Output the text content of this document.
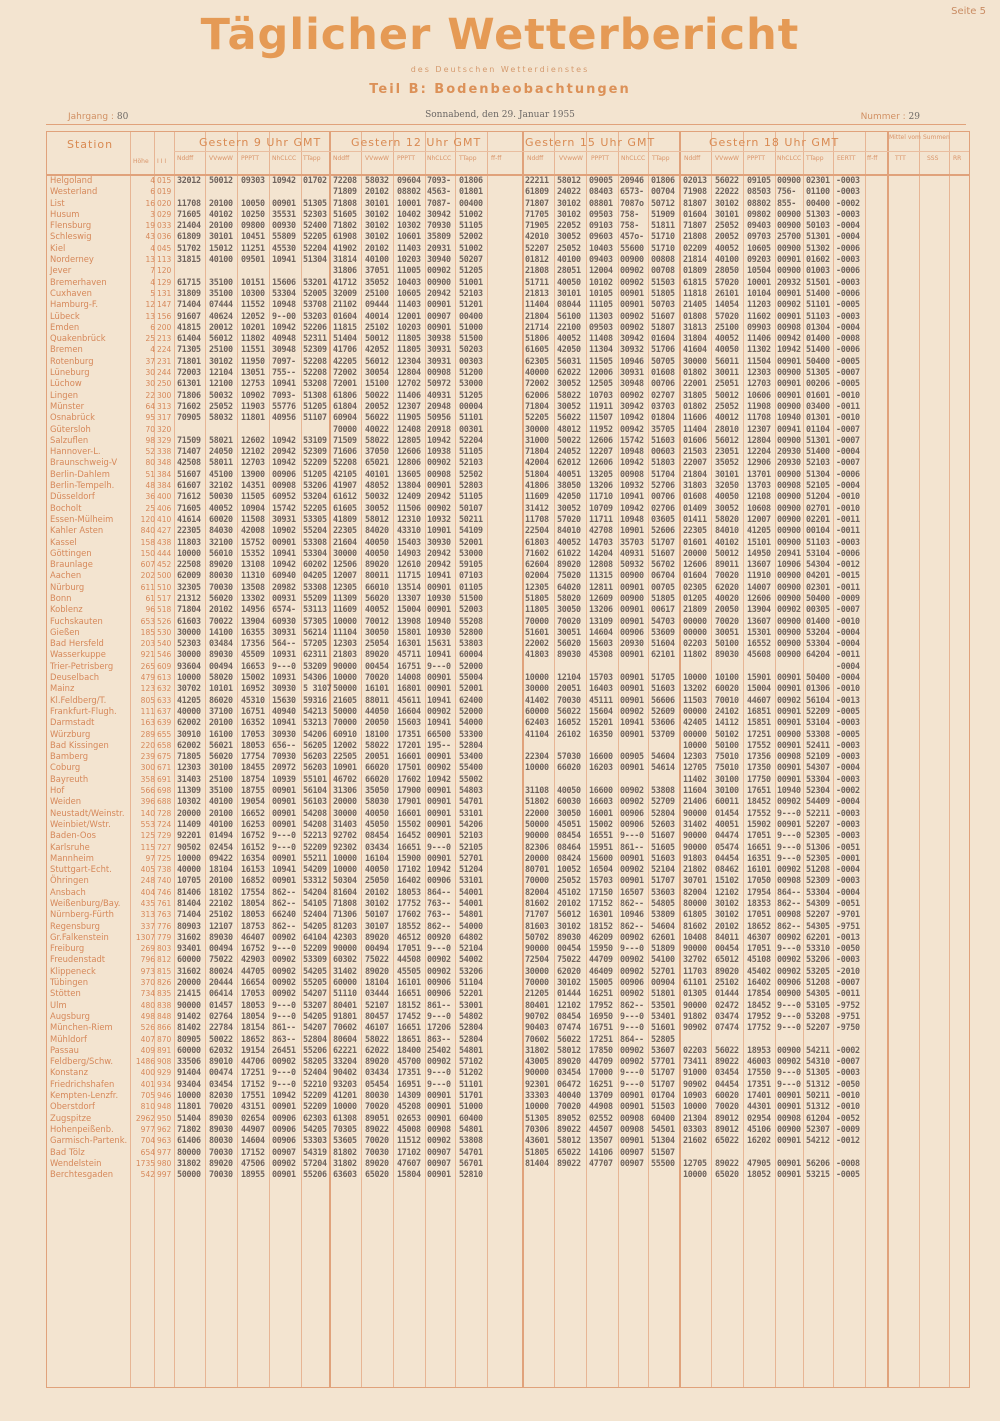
Seite 5
Täglicher Wetterbericht
des Deutschen Wetterdienstes
Teil B: Bodenbeobachtungen
Jahrgang : 80	Sonnabend, den 29. Januar 1955	Nummer : 29
Station	Gestern 9 Uhr GMT	Gestern 12 Uhr GMT	Gestern 15 Uhr GMT	Gestern 18 Uhr GMT	Mittel vom Summen
Höhe I I I Nddff	VVwwW PPPTT NhCLCC TTapp Nddff	VVwwW PPPTT NhCLCC TTapp ff-ff	Nddff	VVwwW PPPTT NhCLCC TTapp Nddff VVwwW PPPTT NhCLCC TTapp EERTT ff-ff	TTT	SSS RR
Helgoland	4 015 32012 50012 09303 10942 01702 72208 58032 09604 7093- 01806	22211 58012 09005 20946 01806 02013 56022 09105 00900 02301 -0003
Westerland	6 019	71809 20102 08802 4563- 01801	61809 24022 08403 6573- 00704 71908 22022 08503 756- 01100 -0003
List	16 020 11708 20100 10050 00901 51305 71808 30101 10001 7087- 00400	71807 30102 08801 7087o 50712 81807 30102 08802 855- 00400 -0002
Husum	3 029 71605 40102 10250 35531 52303 51605 30102 10402 30942 51002	71705 30102 09503 758- 51909 01604 30101 09802 00900 51303 -0003
Flensburg	19 033 21404 20100 09800 00930 52400 71802 30102 10302 70930 51105	71905 22052 09103 758- 51811 71807 25052 09403 00900 50103 -0004
Schleswig	43 036 61809 30101 10451 55809 52205 61908 30102 10601 35809 52002	42010 30052 09603 457o- 51710 21808 20052 09703 25700 51301 -0004
Kiel	4 045 51702 15012 11251 45530 52204 41902 20102 11403 20931 51002	52207 25052 10403 55600 51710 02209 40052 10605 00900 51302 -0006
Norderney	13 113 31815 40100 09501 10941 51304 31814 40100 10203 30940 50207	01812 40100 09403 00900 00808 21814 40100 09203 00901 01602 -0003
Jever	7 120	31806 37051 11005 00902 51205	21808 28051 12004 00902 00708 01809 28050 10504 00900 01003 -0006
Bremerhaven	4 129 61715 35100 10151 15606 53201 41712 35052 10403 00900 51001	51711 40050 10102 00902 51503 61815 57020 10001 20932 51501 -0003
Cuxhaven	5 131 31809 35100 10300 53304 52005 32009 25100 10605 20942 52103	21813 30101 10105 00901 51805 11818 26101 10104 00901 51400 -0006
Hamburg-F.	12 147 71404 07444 11552 10948 53708 21102 09444 11403 00901 51201	11404 08044 11105 00901 50703 21405 14054 11203 00902 51101 -0005
Lübeck	13 156 91607 40624 12052 9--00 53203 01604 40014 12001 00907 00400	21804 56100 11303 00902 51607 01808 57020 11602 00901 51103 -0003
Emden	6 200 41815 20012 10201 10942 52206 11815 25102 10203 00901 51000	21714 22100 09503 00902 51807 31813 25100 09903 00908 01304 -0004
Quakenbrück	25 213 61404 56012 11802 40948 52311 51404 50012 11805 30938 51500	51806 40052 11408 30942 01604 31804 40052 11406 00942 01400 -0008
Bremen	4 224 71305 25100 11551 30948 52309 41706 42052 11805 30931 50203	61605 42050 11304 30932 51706 41604 40050 11302 10942 51400 -0006
Rotenburg	37 231 71801 30102 11950 7097- 52208 42205 56012 12304 30931 00303	62305 56031 11505 10946 50705 30000 56011 11504 00901 50400 -0005
Lüneburg	30 244 72003 12104 13051 755-- 52208 72002 30054 12804 00908 51200	40000 62022 12006 30931 01608 01802 30011 12303 00900 51305 -0007
Lüchow	30 250 61301 12100 12753 10941 53208 72001 15100 12702 50972 53000	72002 30052 12505 30948 00706 22001 25051 12703 00901 00206 -0005
Lingen	22 300 71806 50032 10902 7093- 51308 61806 50022 11406 40931 51205	62006 58022 10703 00902 02707 31805 50012 10606 00901 01601 -0010
Münster	64 313 71602 25052 11903 55776 51205 61804 20052 12307 20948 00004	71804 30052 11911 30942 03703 01802 25052 11908 00900 03400 -0011
Osnabrück	95 317 70905 58032 11801 40956 51107 60904 56022 11905 50956 51101	52205 56022 11507 10942 01804 11606 40012 11708 10940 01301 -0010
Gütersloh	70 320	70000 40022 12408 20918 00301	30000 48012 11952 00942 35705 11404 28010 12307 00941 01104 -0007
Salzuflen	98 329 71509 58021 12602 10942 53109 71509 58022 12805 10942 52204	31000 50022 12606 15742 51603 01606 56012 12804 00900 51301 -0007
Hannover-L.	52 338 71407 24050 12102 20942 52309 71606 37050 12606 10938 51105	71804 24052 12207 10948 00603 21503 23051 12204 20930 51400 -0004
Braunschweig-V	80 348 42508 58011 12703 10942 52209 52208 65021 12806 00902 52103	42004 62012 12606 10942 51803 22007 35052 12906 20930 52103 -0007
Berlin-Dahlem	51 384 51607 45100 13900 00906 51205 42105 40101 13605 00908 52502	51804 40051 13205 00908 51704 21804 30101 13701 00900 51304 -0006
Berlin-Tempelh.	48 384 61607 32102 14351 00908 53206 41907 48052 13804 00901 52803	41806 38050 13206 10932 52706 31803 32050 13703 00908 52105 -0004
Düsseldorf	36 400 71612 50030 11505 60952 53204 61612 50032 12409 20942 51105	11609 42050 11710 10941 00706 01608 40050 12108 00900 51204 -0010
Bocholt	25 406 71605 40052 10904 15742 52205 61605 30052 11506 00902 50107	31412 30052 10709 10942 02706 01409 30052 10608 00900 02701 -0010
Essen-Mülheim	120 410 41614 60020 11508 30931 53305 41809 58012 12310 10932 50211	11708 57020 11711 10948 03605 01411 58020 12007 00900 02201 -0011
Kahler Asten	840 427 22305 84030 42008 10902 55204 22305 84020 43310 10901 54109	22504 84010 42708 10901 52606 22305 84010 41205 00900 00104 -0011
Kassel	158 438 11803 32100 15752 00901 53308 21604 40050 15403 30930 52001	61803 40052 14703 35703 51707 01601 40102 15101 00900 51103 -0003
Göttingen	150 444 10000 56010 15352 10941 53304 30000 40050 14903 20942 53000	71602 61022 14204 40931 51607 20000 50012 14950 20941 53104 -0006
Braunlage	607 452 22508 89020 13108 10942 60202 12506 89020 12610 20942 59105	62604 89020 12808 50932 56702 12606 89011 13607 10906 54304 -0012
Aachen	202 500 62009 80030 11310 60940 04205 12007 80011 11715 10941 07103	02004 75020 11315 00900 06704 01604 70020 11910 00900 04201 -0015
Nürburg	611 510 32305 70030 13508 20982 53308 12305 66010 13514 00901 01105	12305 64020 12811 00901 00705 02305 62020 14007 00900 02301 -0011
Bonn	61 517 21312 56020 13302 00931 55209 11309 56020 13307 10930 51500	51805 58020 12609 00900 51805 01205 40020 12606 00900 50400 -0009
Koblenz	96 518 71804 20102 14956 6574- 53113 11609 40052 15004 00901 52003	11805 30050 13206 00901 00617 21809 20050 13904 00902 00305 -0007
Fuchskauten	653 526 61603 70022 13904 60930 57305 10000 70012 13908 10940 55208	70000 70020 13109 00901 54703 00000 70020 13607 00900 01400 -0010
Gießen	185 530 30000 14100 16355 30931 56214 11104 30050 15801 10930 52800	51601 30051 14604 00906 53609 00000 30051 15301 00900 53204 -0004
Bad Hersfeld	203 540 52303 03484 17356 564-- 57205 12303 25054 16301 15631 53803	22002 56020 15603 20930 51604 02203 50100 16552 00900 53304 -0004
Wasserkuppe	921 546 30000 89030 45509 10931 62311 21803 89020 45711 10941 60004	41803 89030 45308 00901 62101 11802 89030 45608 00900 64204 -0011
Trier-Petrisberg	265 609 93604 00494 16653 9---0 53209 90000 00454 16751 9---0 52000	-0004
Deuselbach	479 613 10000 58020 15002 10931 54306 10000 70020 14008 00901 55004	10000 12104 15703 00901 51705 10000 10100 15901 00901 50400 -0004
Mainz	123 632 30702 10101 16952 30930 5 3107 50000 16101 16801 00901 52001	30000 20051 16403 00901 51603 13202 60020 15004 00901 01306 -0010
Kl.Feldberg/T.	805 633 41205 86020 45310 15630 59316 21605 88011 45611 10941 62400	41402 70030 45111 00901 56606 11503 70010 44607 00902 56104 -0013
Frankfurt-Flugh.	111 637 40000 37100 16751 40940 54213 50000 44050 16604 00902 52000	60000 56022 15604 00902 52609 00000 24102 16851 00901 52209 -0005
Darmstadt	163 639 62002 20100 16352 10941 53213 70000 20050 15603 10941 54000	62403 16052 15201 10941 53606 42405 14112 15851 00901 53104 -0003
Würzburg	289 655 30910 16100 17053 30930 54206 60910 18100 17351 66500 53300	41104 26102 16350 00901 53709 00000 50102 17251 00900 53308 -0005
Bad Kissingen	220 658 62002 56021 18053 656-- 56205 12002 58022 17201 195-- 52804	10000 50100 17552 00901 52411 -0003
Bamberg	239 675 71805 56020 17754 70930 56203 22505 20051 16601 00901 53400	22304 57030 16600 00905 54604 12303 75010 17356 00908 52109 -0003
Coburg	300 671 12303 30100 18455 20972 56203 10901 66020 17501 00902 55400	10000 66020 16203 00901 54614 12705 75010 17350 00901 54307 -0004
Bayreuth	358 691 31403 25100 18754 10939 55101 46702 66020 17602 10942 55002	11402 30100 17750 00901 53304 -0003
Hof	566 698 11309 35100 18755 00901 56104 31306 35050 17900 00901 54803	31108 40050 16600 00902 53808 11604 30100 17651 10940 52304 -0002
Weiden	396 688 10302 40100 19054 00901 56103 20000 58030 17901 00901 54701	51802 60030 16603 00902 52709 21406 60011 18452 00902 54409 -0004
Neustadt/Weinstr.	140 728 20000 20100 16652 00901 54208 30000 40050 16601 00901 53101	22000 30050 16001 00906 52804 90000 01454 17552 9---0 52211 -0003
Weinbiet/Wstr.	553 724 11409 40100 16253 00901 54208 31403 45050 15502 00901 54206	50000 45051 15002 00906 52603 31402 40051 15902 00901 52207 -0003
Baden-Oos	125 729 92201 01494 16752 9---0 52213 92702 08454 16452 00901 52103	90000 08454 16551 9---0 51607 90000 04474 17051 9---0 52305 -0003
Karlsruhe	115 727 90502 02454 16152 9---0 52209 92302 03434 16651 9---0 52105	82306 08464 15951 861-- 51605 90000 05474 16651 9---0 51306 -0051
Mannheim	97 725 10000 09422 16354 00901 55211 10000 16104 15900 00901 52701	20000 08424 15600 00901 51603 91803 04454 16351 9---0 52305 -0001
Stuttgart-Echt.	405 738 40000 18104 16153 10941 54209 10000 40050 17102 10942 51204	80701 10052 16504 00902 52104 21802 08462 16101 00902 51208 -0004
Öhringen	248 740 10705 20100 16852 00901 53312 50304 25050 16402 00906 53101	70000 25052 15703 00901 51707 30701 15102 17050 00908 52309 -0003
Ansbach	404 746 81406 18102 17554 862-- 54204 81604 20102 18053 864-- 54001	82004 45102 17150 16507 53603 82004 12102 17954 864-- 53304 -0004
Weißenburg/Bay.	435 761 81404 22102 18054 862-- 54105 71808 30102 17752 763-- 54001	81602 20102 17152 862-- 54805 80000 30102 18353 862-- 54309 -0051
Nürnberg-Fürth	313 763 71404 25102 18053 66240 52404 71306 50107 17602 763-- 54801	71707 56012 16301 10946 53809 61805 30102 17051 00908 52207 -9701
Regensburg	337 776 80903 12107 18753 862-- 54205 81203 30107 18552 862-- 54000	81603 30102 18152 862-- 54604 81602 20102 18652 862-- 54305 -9751
Gr.Falkenstein	1307 779 31602 89030 46407 00902 64104 42303 89020 46512 00920 64802	50702 89030 46209 00902 62601 10408 84011 46307 00902 62201 -0013
Freiburg	269 803 93401 00494 16752 9---0 52209 90000 00494 17051 9---0 52104	90000 00454 15950 9---0 51809 90000 00454 17051 9---0 53310 -0050
Freudenstadt	796 812 60000 75022 42903 00902 53309 60302 75022 44508 00902 54002	72504 75022 44709 00902 54100 32702 65012 45108 00902 53206 -0003
Klippeneck	973 815 31602 80024 44705 00902 54205 31402 89020 45505 00902 53206	30000 62020 46409 00902 52701 11703 89020 45402 00902 53205 -2010
Tübingen	370 826 20000 20444 16654 00902 55205 60000 18104 16101 00906 51104	70000 30102 15005 00906 00904 61101 25102 16402 00906 51208 -0007
Stötten	734 835 21415 06414 17053 00902 54207 51110 03444 16651 00906 52201	21205 01444 16251 00902 51801 01305 01444 17854 00900 54305 -0011
Ulm	480 838 90000 01457 18053 9---0 53207 80401 52107 18152 861-- 53001	80401 12102 17952 862-- 53501 90000 02472 18452 9---0 53105 -9752
Augsburg	498 848 91402 02764 18054 9---0 54205 91801 80457 17452 9---0 54802	90702 08454 16950 9---0 53401 91802 03474 17952 9---0 53208 -9751
München-Riem	526 866 81402 22784 18154 861-- 54207 70602 46107 16651 17206 52804	90403 07474 16751 9---0 51601 90902 07474 17752 9---0 52207 -9750
Mühldorf	407 870 80905 50022 18652 863-- 52804 80604 58022 18651 863-- 52804	70602 56022 17251 864-- 52805
Passau	409 891 60000 62032 19154 26451 55206 62221 62022 18400 25402 54801	31802 58012 17850 00902 53607 02203 56022 18953 00900 54211 -0002
Feldberg/Schw.	1486 908 33506 89010 44706 00902 58205 33204 89020 45700 00902 57102	43005 89020 44709 00902 57701 73411 89022 46003 00902 54310 -0007
Konstanz	400 929 91404 00474 17251 9---0 52404 90402 03434 17351 9---0 51202	90000 03454 17000 9---0 51707 91000 03454 17550 9---0 51305 -0003
Friedrichshafen	401 934 93404 03454 17152 9---0 52210 93203 05454 16951 9---0 51101	92301 06472 16251 9---0 51707 90902 04454 17351 9---0 51312 -0050
Kempten-Lenzfr.	705 946 10000 82030 17551 10942 52209 41201 80030 14309 00901 51701	33303 40040 13709 00901 01704 10903 60020 17401 00901 50211 -0010
Oberstdorf	810 948 11801 70020 43151 00901 52209 10000 70020 45208 00901 51000	10000 70020 44908 00901 51503 10000 70020 44301 00901 51312 -0010
Zugspitze	2962 950 51404 89030 02654 00906 62303 61308 89051 02653 00901 60400	51305 89052 02552 00908 60400 21304 89012 02954 00908 61204 -0052
Hohenpeißenb.	977 962 71802 89030 44907 00906 54205 70305 89022 45008 00908 54801	70306 89022 44507 00908 54501 03303 89012 45106 00900 52307 -0009
Garmisch-Partenk.	704 963 61406 80030 14604 00906 53303 53605 70020 11512 00902 53808	43601 58012 13507 00901 51304 21602 65022 16202 00901 54212 -0012
Bad Tölz	654 977 80000 70030 17152 00907 54319 81802 70030 17102 00907 54701	51805 65022 14106 00907 51507
Wendelstein	1735 980 31802 89020 47506 00902 57204 31802 89020 47607 00907 56701	81404 89022 47707 00907 55500 12705 89022 47905 00901 56206 -0008
Berchtesgaden	542 997 50000 70030 18955 00901 55206 63603 65020 15804 00901 52810	10000 65020 18052 00901 53215 -0005
